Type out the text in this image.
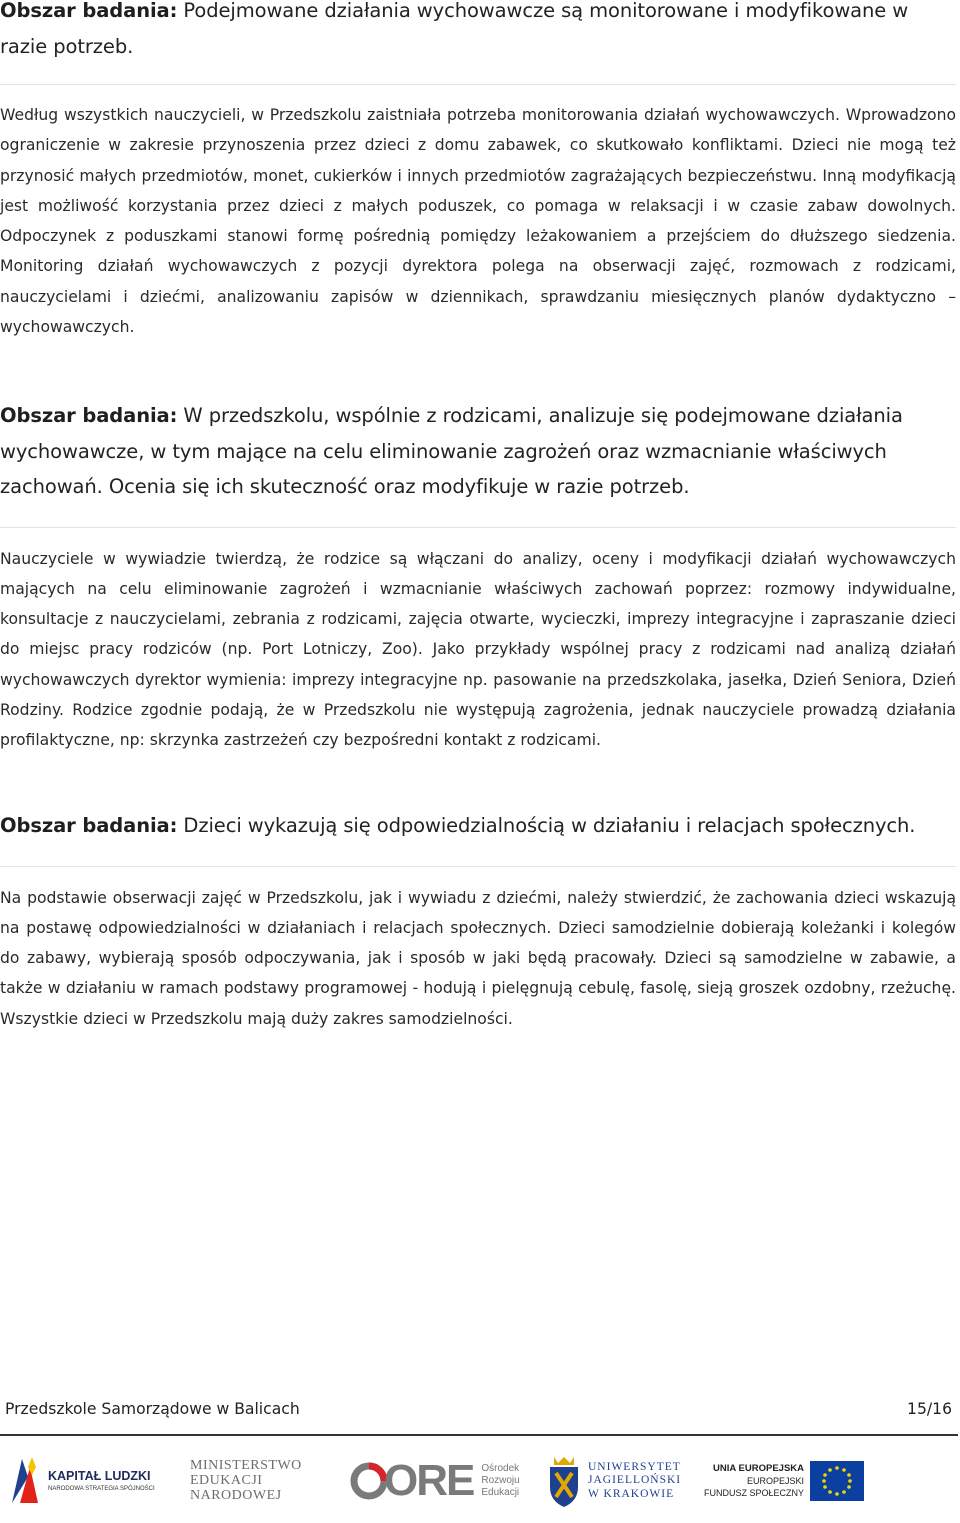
Obszar badania: Podejmowane działania wychowawcze są monitorowane i modyfikowane w razie potrzeb.

Według wszystkich nauczycieli, w Przedszkolu zaistniała potrzeba monitorowania działań wychowawczych. Wprowadzono ograniczenie w zakresie przynoszenia przez dzieci z domu zabawek, co skutkowało konfliktami. Dzieci nie mogą też przynosić małych przedmiotów, monet, cukierków i innych przedmiotów zagrażających bezpieczeństwu. Inną modyfikacją jest możliwość korzystania przez dzieci z małych poduszek, co pomaga w relaksacji i w czasie zabaw dowolnych. Odpoczynek z poduszkami stanowi formę pośrednią pomiędzy leżakowaniem a przejściem do dłuższego siedzenia. Monitoring działań wychowawczych z pozycji dyrektora polega na obserwacji zajęć, rozmowach z rodzicami, nauczycielami i dziećmi, analizowaniu zapisów w dziennikach, sprawdzaniu miesięcznych planów dydaktyczno – wychowawczych.

Obszar badania: W przedszkolu, wspólnie z rodzicami, analizuje się podejmowane działania wychowawcze, w tym mające na celu eliminowanie zagrożeń oraz wzmacnianie właściwych zachowań. Ocenia się ich skuteczność oraz modyfikuje w razie potrzeb.

Nauczyciele w wywiadzie twierdzą, że rodzice są włączani do analizy, oceny i modyfikacji działań wychowawczych mających na celu eliminowanie zagrożeń i wzmacnianie właściwych zachowań poprzez: rozmowy indywidualne, konsultacje z nauczycielami, zebrania z rodzicami, zajęcia otwarte, wycieczki, imprezy integracyjne i zapraszanie dzieci do miejsc pracy rodziców (np. Port Lotniczy, Zoo). Jako przykłady wspólnej pracy z rodzicami nad analizą działań wychowawczych dyrektor wymienia: imprezy integracyjne np. pasowanie na przedszkolaka, jasełka, Dzień Seniora, Dzień Rodziny. Rodzice zgodnie podają, że w Przedszkolu nie występują zagrożenia, jednak nauczyciele prowadzą działania profilaktyczne, np: skrzynka zastrzeżeń czy bezpośredni kontakt z rodzicami.

Obszar badania: Dzieci wykazują się odpowiedzialnością w działaniu i relacjach społecznych.

Na podstawie obserwacji zajęć w Przedszkolu, jak i wywiadu z dziećmi, należy stwierdzić, że zachowania dzieci wskazują na postawę odpowiedzialności w działaniach i relacjach społecznych. Dzieci samodzielnie dobierają koleżanki i kolegów do zabawy, wybierają sposób odpoczywania, jak i sposób w jaki będą pracowały. Dzieci są samodzielne w zabawie, a także w działaniu w ramach podstawy programowej - hodują i pielęgnują cebulę, fasolę, sieją groszek ozdobny, rzeżuchę. Wszystkie dzieci w Przedszkolu mają duży zakres samodzielności.

Przedszkole Samorządowe w Balicach	15/16
KAPITAŁ LUDZKI
NARODOWA STRATEGIA SPÓJNOŚCI
MINISTERSTWO
EDUKACJI
NARODOWEJ	ORE Ośrodek
Rozwoju
Edukacji
UNIWERSYTET
JAGIELLOŃSKI
W KRAKOWIE
UNIA EUROPEJSKA
EUROPEJSKI
FUNDUSZ SPOŁECZNY
